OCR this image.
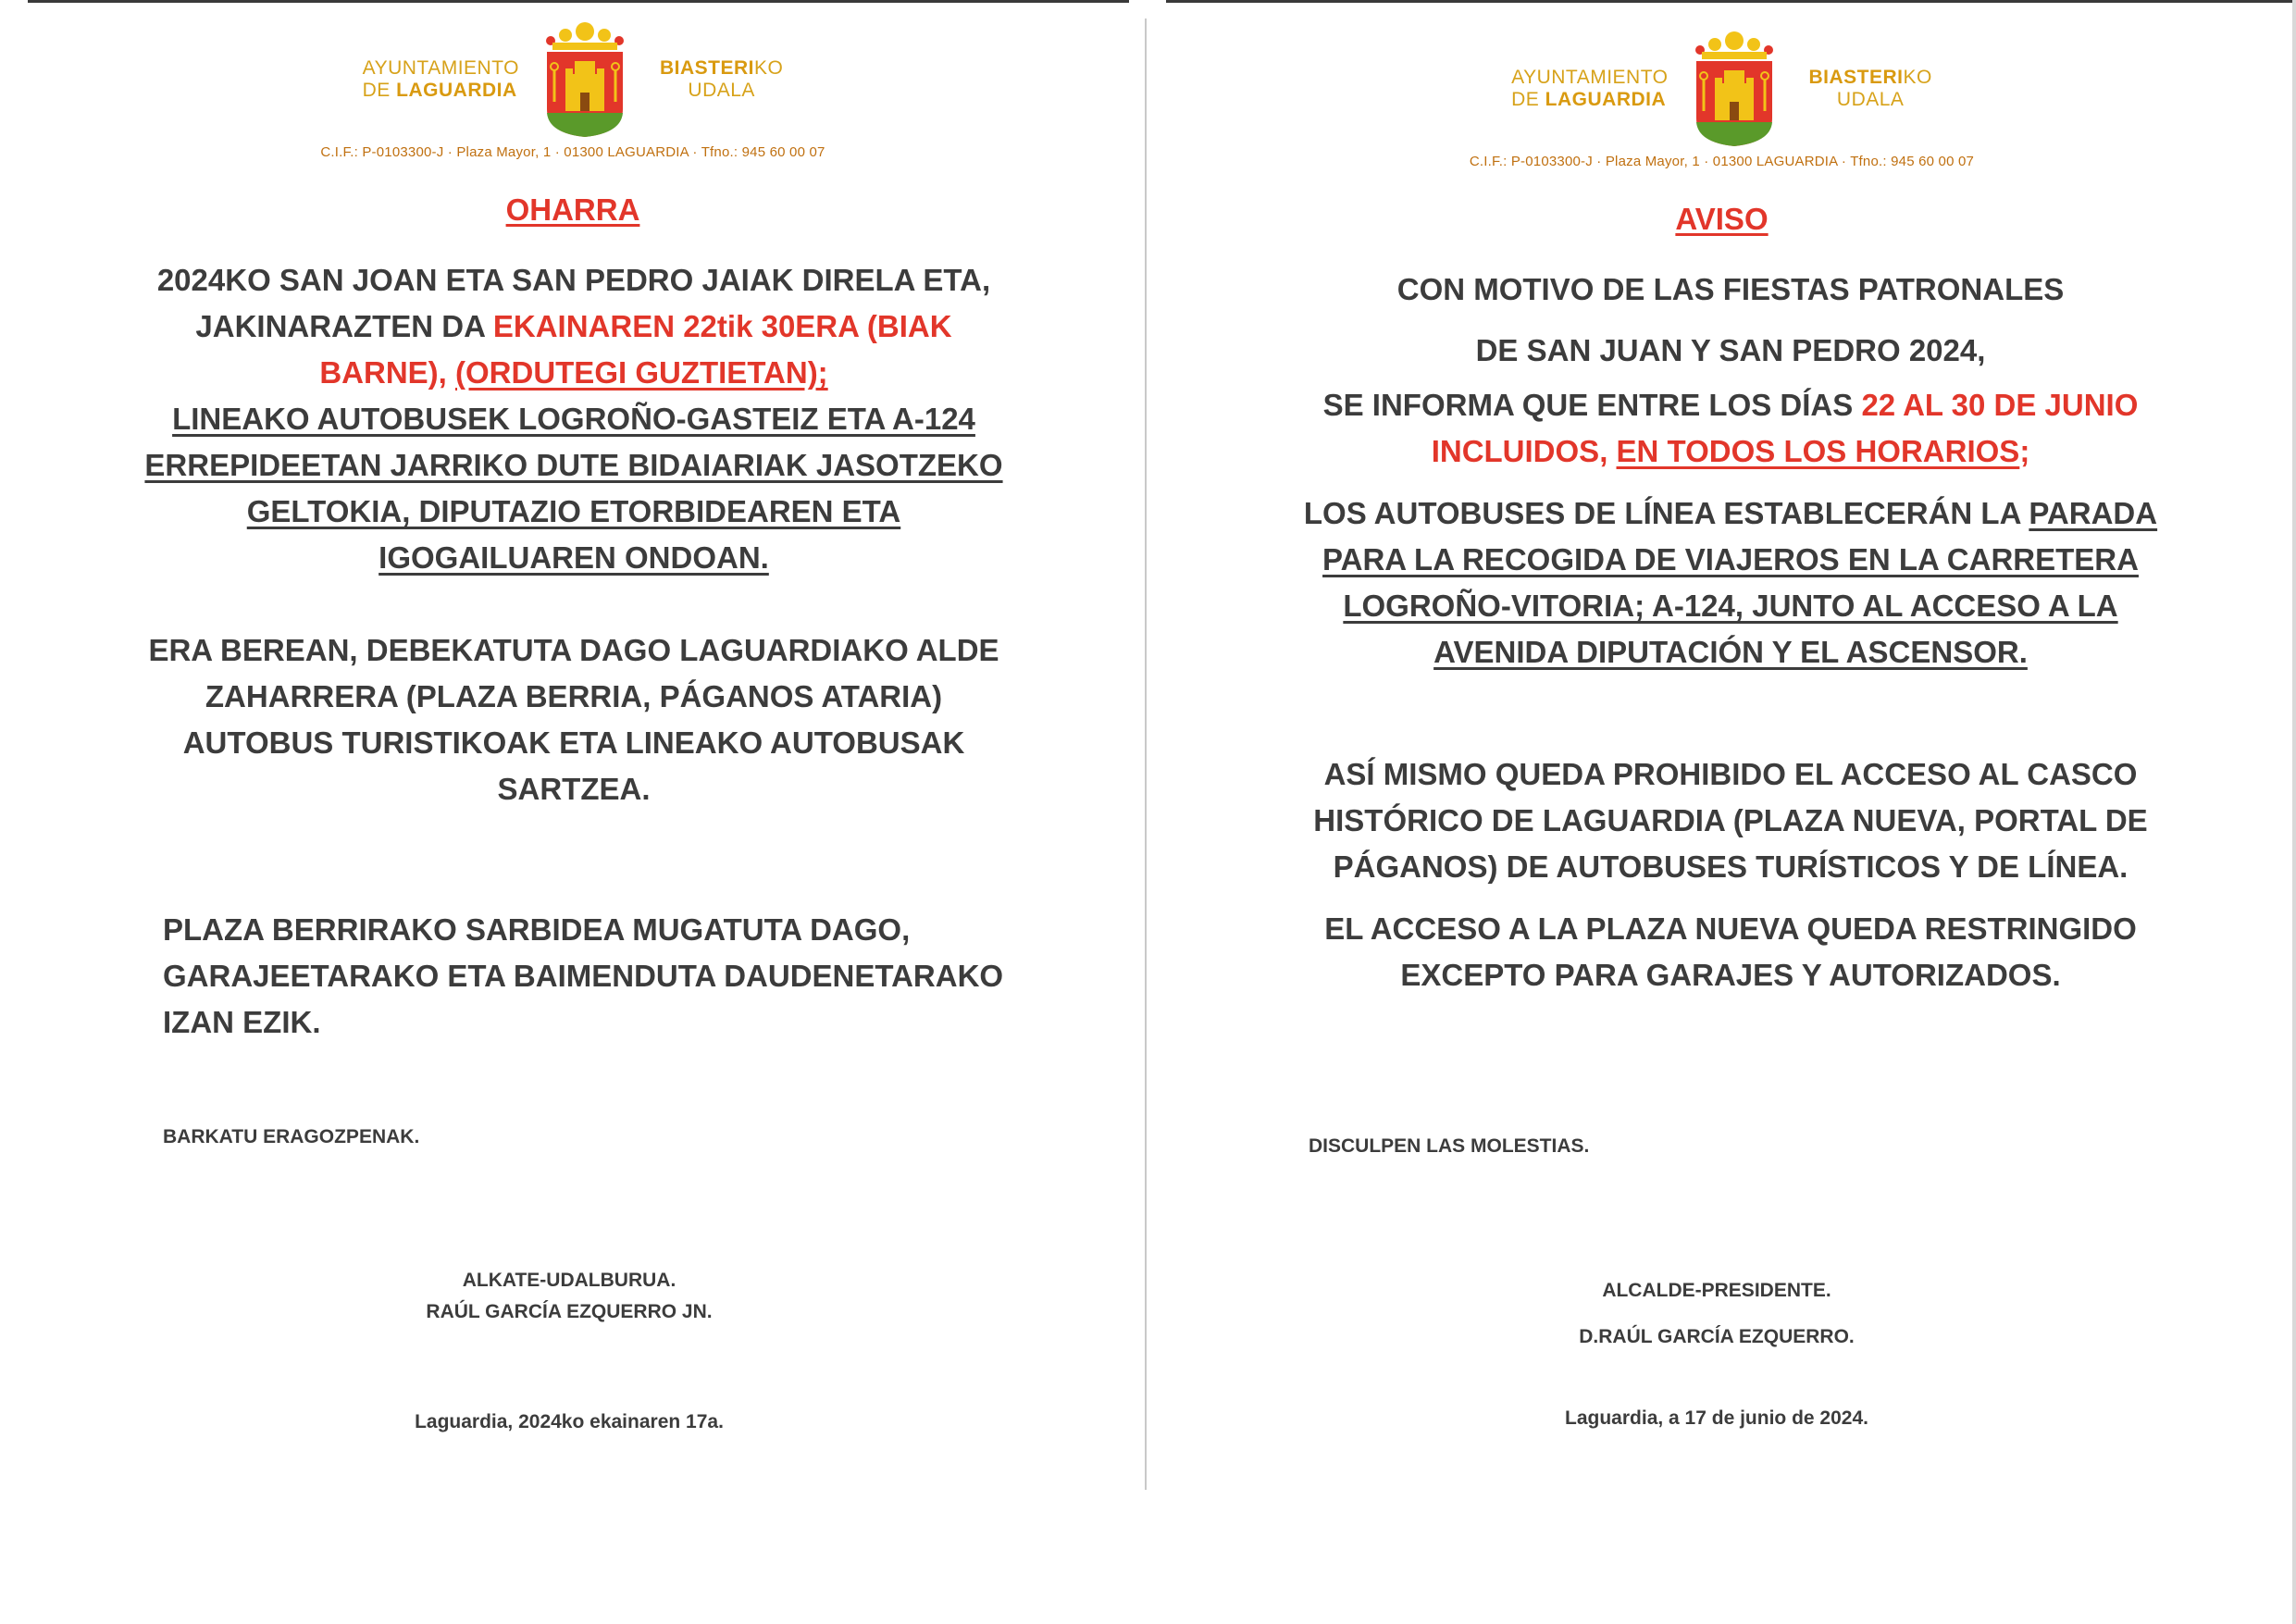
AYUNTAMIENTO
DE LAGUARDIA
BIASTERIKO
UDALA
C.I.F.: P-0103300-J · Plaza Mayor, 1 · 01300 LAGUARDIA · Tfno.: 945 60 00 07
OHARRA
2024KO SAN JOAN ETA SAN PEDRO JAIAK DIRELA ETA,
JAKINARAZTEN DA EKAINAREN 22tik 30ERA (BIAK
BARNE), (ORDUTEGI GUZTIETAN);
LINEAKO AUTOBUSEK LOGROÑO-GASTEIZ ETA A-124
ERREPIDEETAN JARRIKO DUTE BIDAIARIAK JASOTZEKO
GELTOKIA, DIPUTAZIO ETORBIDEAREN ETA
IGOGAILUAREN ONDOAN.
ERA BEREAN, DEBEKATUTA DAGO LAGUARDIAKO ALDE
ZAHARRERA (PLAZA BERRIA, PÁGANOS ATARIA)
AUTOBUS TURISTIKOAK ETA LINEAKO AUTOBUSAK
SARTZEA.
PLAZA BERRIRAKO SARBIDEA MUGATUTA DAGO,
GARAJEETARAKO ETA BAIMENDUTA DAUDENETARAKO
IZAN EZIK.
BARKATU ERAGOZPENAK.
ALKATE-UDALBURUA.
RAÚL GARCÍA EZQUERRO JN.
Laguardia, 2024ko ekainaren 17a.
AYUNTAMIENTO
DE LAGUARDIA
BIASTERIKO
UDALA
C.I.F.: P-0103300-J · Plaza Mayor, 1 · 01300 LAGUARDIA · Tfno.: 945 60 00 07
AVISO
CON MOTIVO DE LAS FIESTAS PATRONALES
DE SAN JUAN Y SAN PEDRO 2024,
SE INFORMA QUE ENTRE LOS DÍAS 22 AL 30 DE JUNIO
INCLUIDOS, EN TODOS LOS HORARIOS;
LOS AUTOBUSES DE LÍNEA ESTABLECERÁN LA PARADA
PARA LA RECOGIDA DE VIAJEROS EN LA CARRETERA
LOGROÑO-VITORIA; A-124, JUNTO AL ACCESO A LA
AVENIDA DIPUTACIÓN Y EL ASCENSOR.
ASÍ MISMO QUEDA PROHIBIDO EL ACCESO AL CASCO
HISTÓRICO DE LAGUARDIA (PLAZA NUEVA, PORTAL DE
PÁGANOS) DE AUTOBUSES TURÍSTICOS Y DE LÍNEA.
EL ACCESO A LA PLAZA NUEVA QUEDA RESTRINGIDO
EXCEPTO PARA GARAJES Y AUTORIZADOS.
DISCULPEN LAS MOLESTIAS.
ALCALDE-PRESIDENTE.
D.RAÚL GARCÍA EZQUERRO.
Laguardia, a 17 de junio de 2024.
